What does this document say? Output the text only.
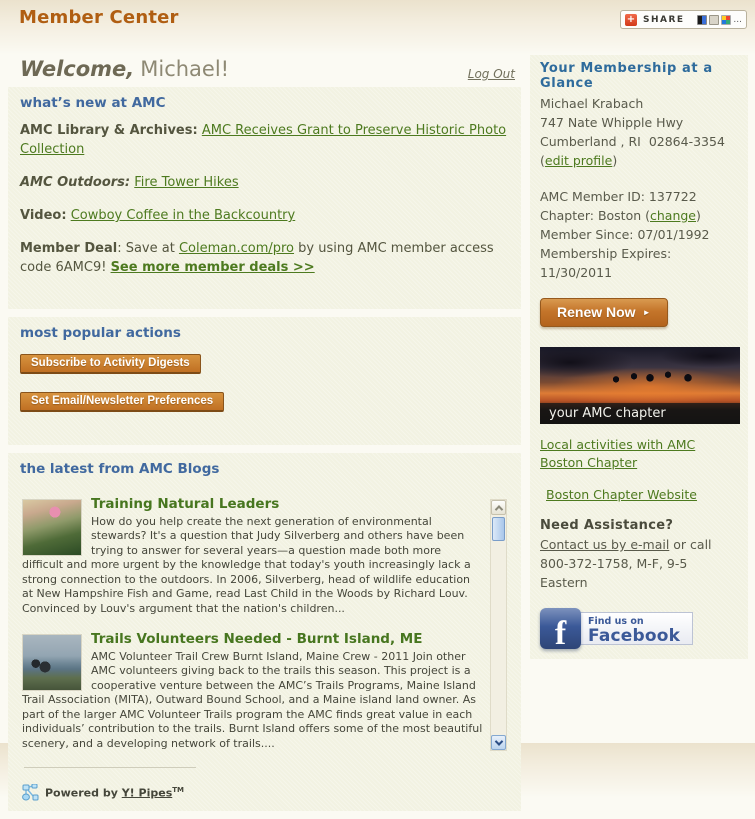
Member Center	+ SHARE	...
Welcome, Michael!	Log Out
what’s new at AMC

AMC Library & Archives: AMC Receives Grant to Preserve Historic Photo Collection

AMC Outdoors: Fire Tower Hikes

Video: Cowboy Coffee in the Backcountry

Member Deal: Save at Coleman.com/pro by using AMC member access code 6AMC9! See more member deals >>

most popular actions
Subscribe to Activity Digests
Set Email/Newsletter Preferences
the latest from AMC Blogs
Training Natural Leaders
How do you help create the next generation of environmental stewards? It's a question that Judy Silverberg and others have been trying to answer for several years—a question made both more difficult and more urgent by the knowledge that today's youth increasingly lack a strong connection to the outdoors. In 2006, Silverberg, head of wildlife education at New Hampshire Fish and Game, read Last Child in the Woods by Richard Louv. Convinced by Louv's argument that the nation's children...
Trails Volunteers Needed - Burnt Island, ME
AMC Volunteer Trail Crew Burnt Island, Maine Crew - 2011 Join other AMC volunteers giving back to the trails this season. This project is a cooperative venture between the AMC’s Trails Programs, Maine Island Trail Association (MITA), Outward Bound School, and a Maine island land owner. As part of the larger AMC Volunteer Trails program the AMC finds great value in each individuals’ contribution to the trails. Burnt Island offers some of the most beautiful scenery, and a developing network of trails....
Powered by Y! Pipes™
Your Membership at a Glance
Michael Krabach
747 Nate Whipple Hwy
Cumberland , RI  02864-3354
(edit profile)
AMC Member ID: 137722
Chapter: Boston (change)
Member Since: 07/01/1992
Membership Expires: 11/30/2011
Renew Now ►
your AMC chapter
Local activities with AMC Boston Chapter
Boston Chapter Website
Need Assistance?
Contact us by e-mail or call
800-372-1758, M-F, 9-5 Eastern
f Find us on
Facebook
